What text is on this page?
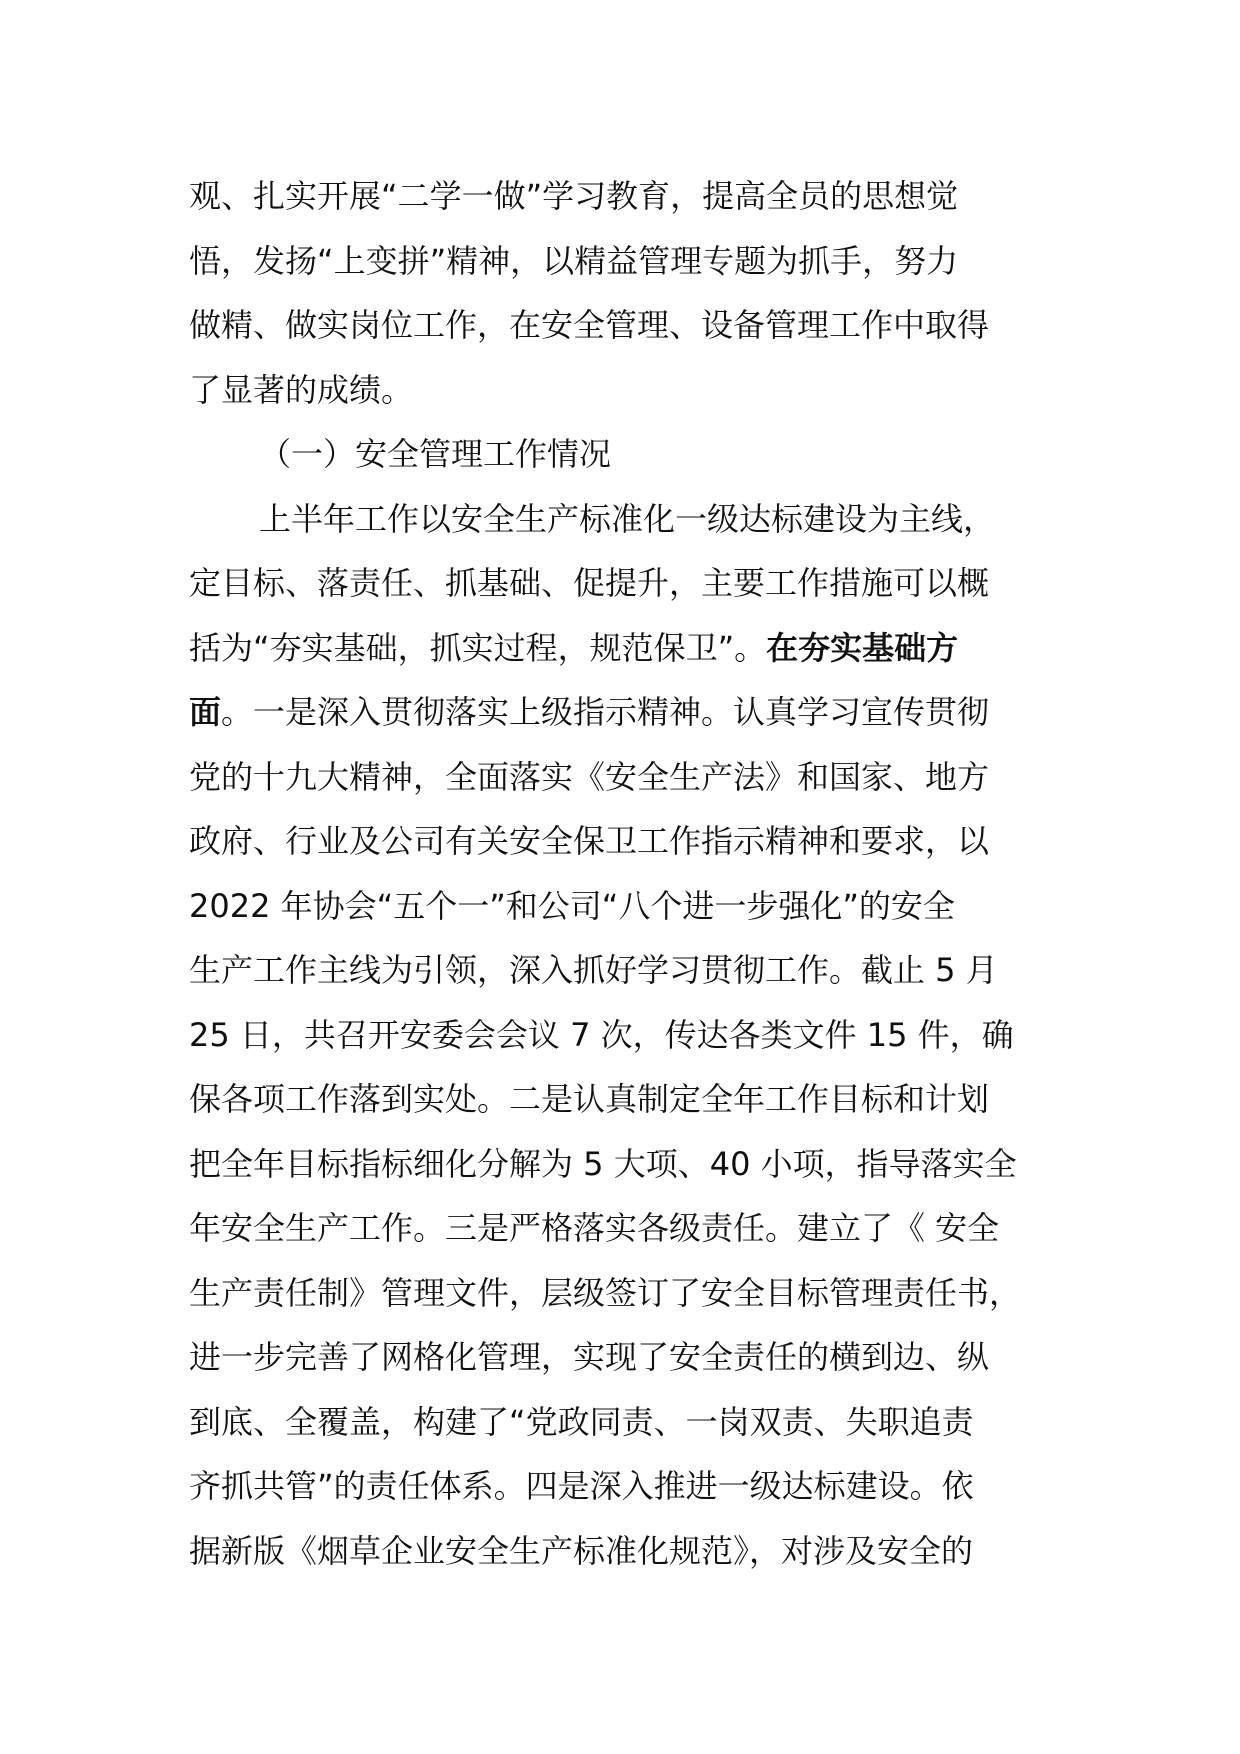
观、扎实开展“二学一做”学习教育，提高全员的思想觉
悟，发扬“上变拼”精神，以精益管理专题为抓手，努力
做精、做实岗位工作，在安全管理、设备管理工作中取得
了显著的成绩。
（一）安全管理工作情况
上半年工作以安全生产标准化一级达标建设为主线，
定目标、落责任、抓基础、促提升，主要工作措施可以概
括为“夯实基础，抓实过程，规范保卫”。在夯实基础方
面。一是深入贯彻落实上级指示精神。认真学习宣传贯彻
党的十九大精神，全面落实《安全生产法》和国家、地方
政府、行业及公司有关安全保卫工作指示精神和要求，以
2022 年协会“五个一”和公司“八个进一步强化”的安全
生产工作主线为引领，深入抓好学习贯彻工作。截止 5 月
25 日，共召开安委会会议 7 次，传达各类文件 15 件，确
保各项工作落到实处。二是认真制定全年工作目标和计划
把全年目标指标细化分解为 5 大项、40 小项，指导落实全
年安全生产工作。三是严格落实各级责任。建立了《 安全
生产责任制》管理文件，层级签订了安全目标管理责任书，
进一步完善了网格化管理，实现了安全责任的横到边、纵
到底、全覆盖，构建了“党政同责、一岗双责、失职追责
齐抓共管”的责任体系。四是深入推进一级达标建设。依
据新版《烟草企业安全生产标准化规范》，对涉及安全的
